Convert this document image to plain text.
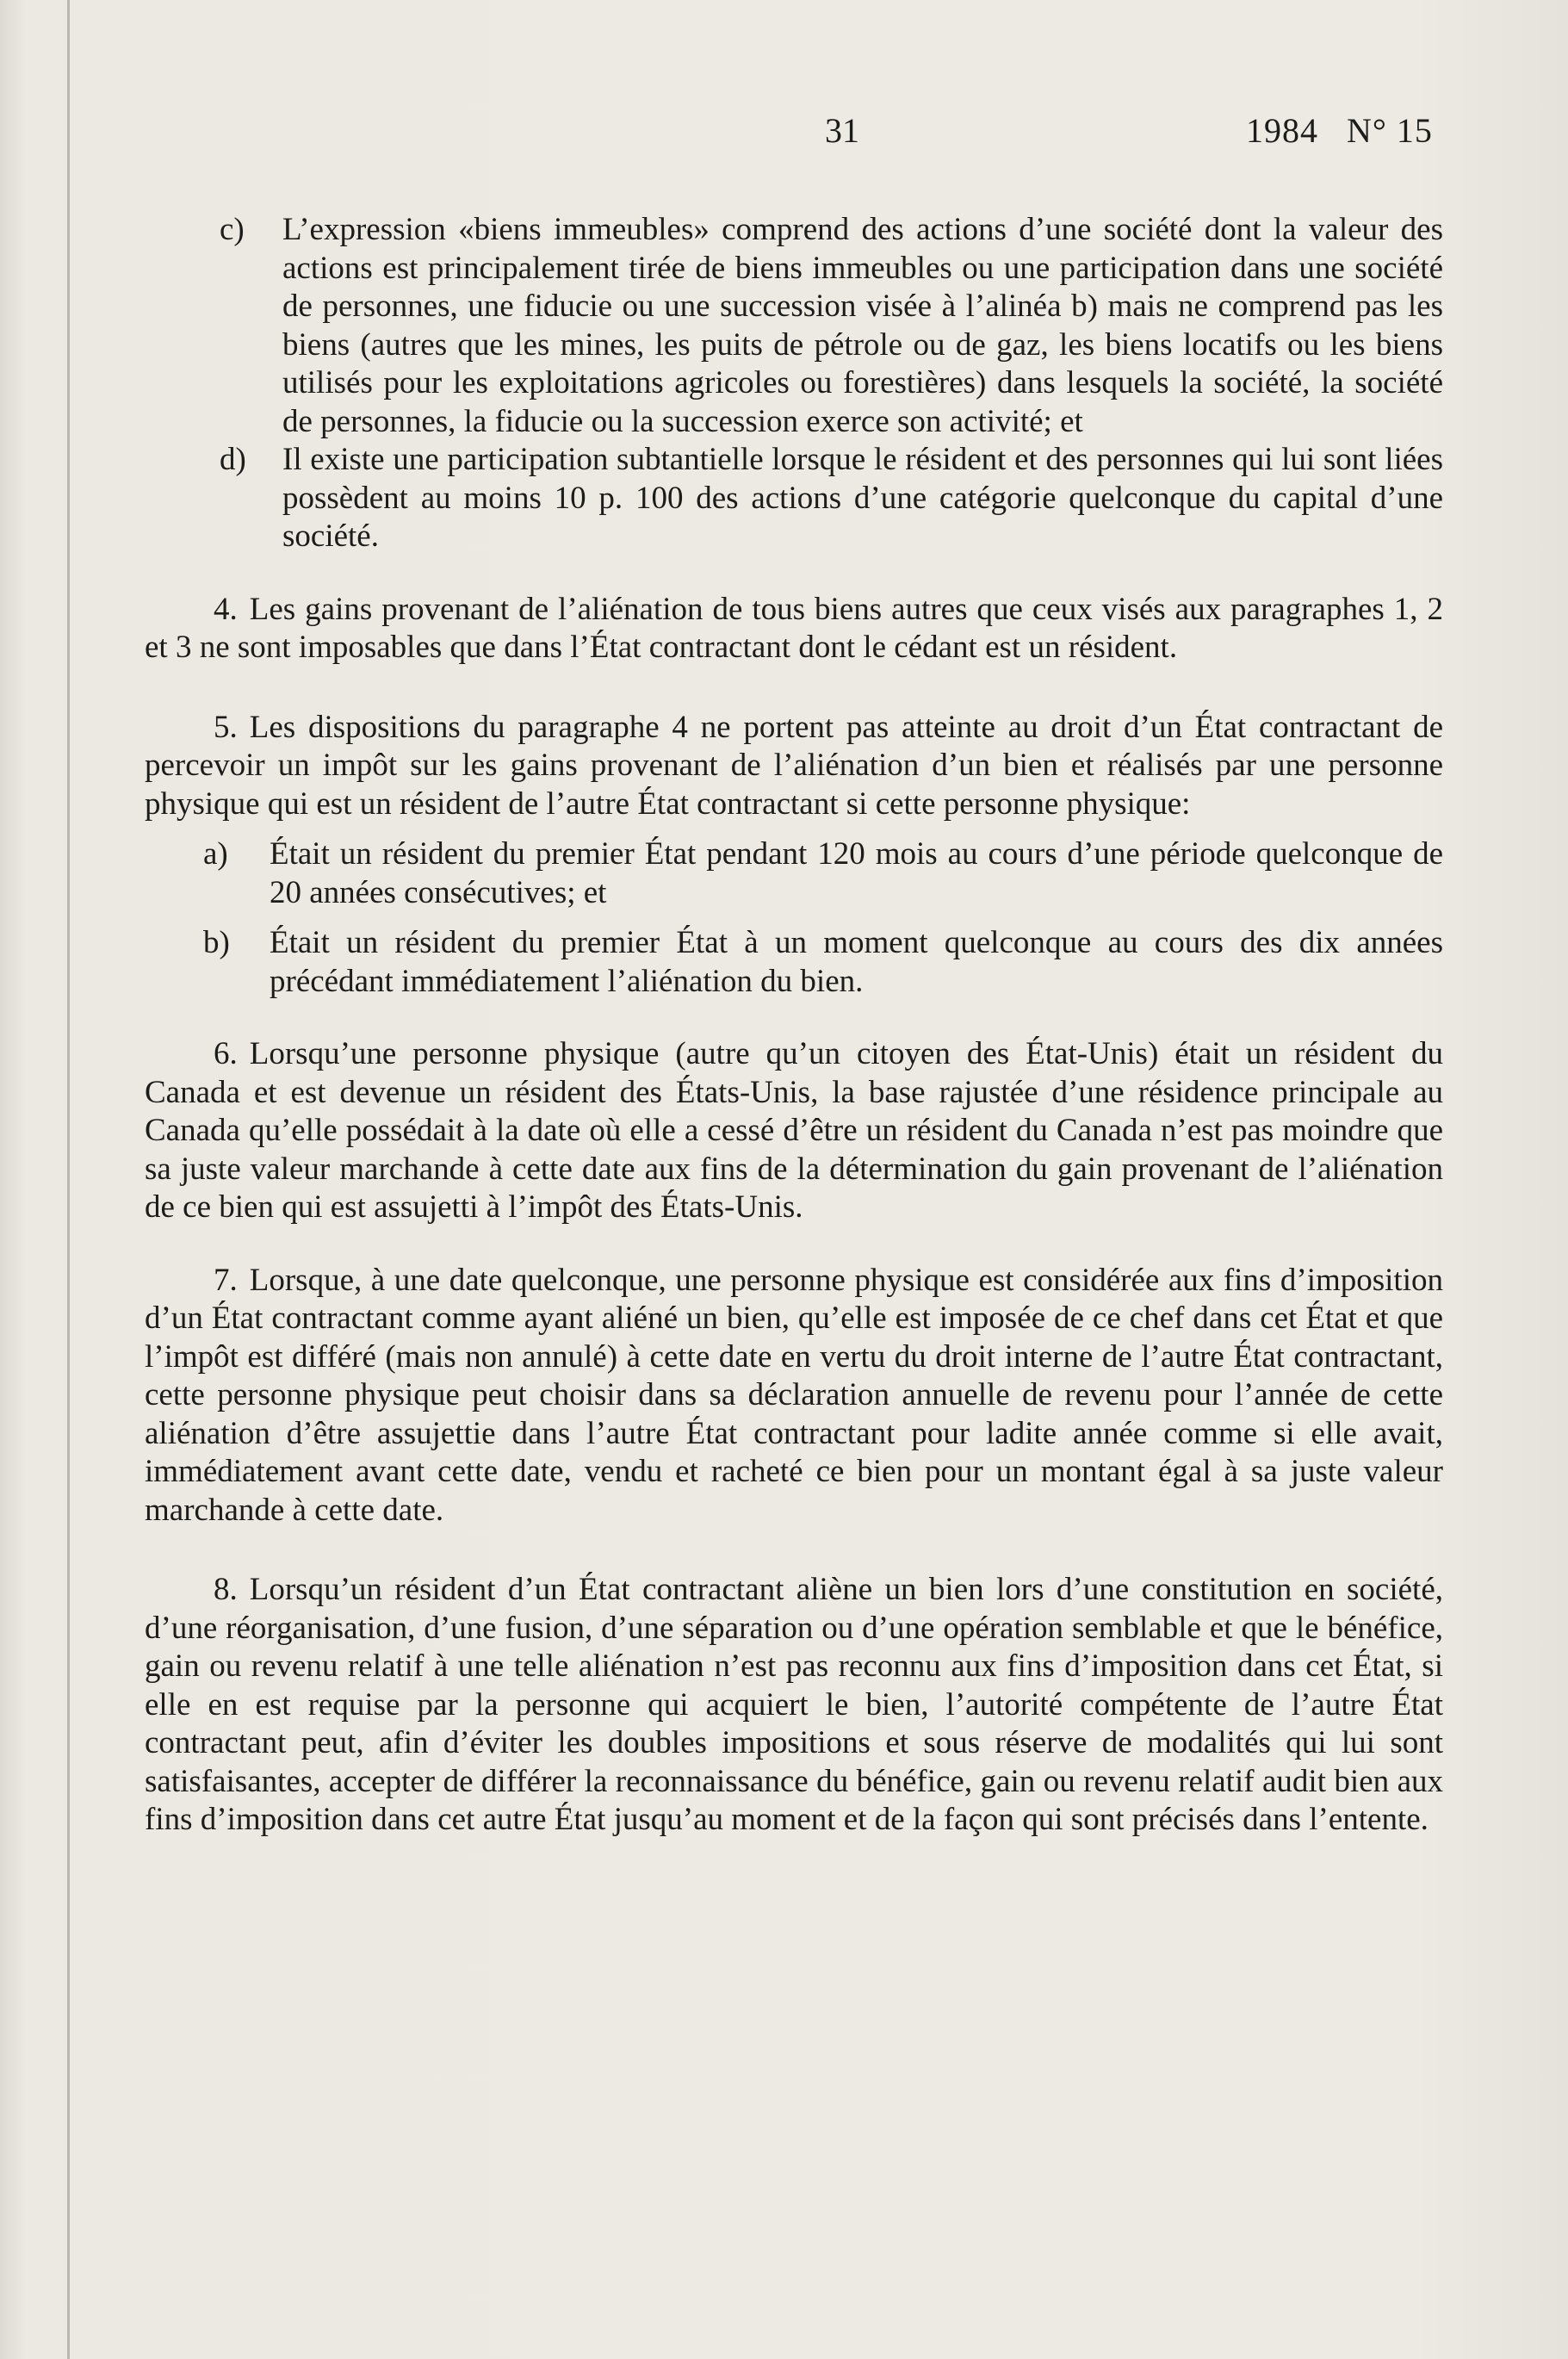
31	1984   N° 15
c) L’expression «biens immeubles» comprend des actions d’une société dont la valeur des actions est principalement tirée de biens immeubles ou une participation dans une société de personnes, une fiducie ou une succession visée à l’alinéa b) mais ne comprend pas les biens (autres que les mines, les puits de pétrole ou de gaz, les biens locatifs ou les biens utilisés pour les exploitations agricoles ou forestières) dans lesquels la société, la société de personnes, la fiducie ou la succession exerce son activité; et

d) Il existe une participation subtantielle lorsque le résident et des personnes qui lui sont liées possèdent au moins 10 p. 100 des actions d’une catégorie quelconque du capital d’une société.

4. Les gains provenant de l’aliénation de tous biens autres que ceux visés aux paragraphes 1, 2 et 3 ne sont imposables que dans l’État contractant dont le cédant est un résident.

5. Les dispositions du paragraphe 4 ne portent pas atteinte au droit d’un État contractant de percevoir un impôt sur les gains provenant de l’aliénation d’un bien et réalisés par une personne physique qui est un résident de l’autre État contractant si cette personne physique:

a) Était un résident du premier État pendant 120 mois au cours d’une période quelconque de 20 années consécutives; et

b) Était un résident du premier État à un moment quelconque au cours des dix années précédant immédiatement l’aliénation du bien.

6. Lorsqu’une personne physique (autre qu’un citoyen des État-Unis) était un résident du Canada et est devenue un résident des États-Unis, la base rajustée d’une résidence principale au Canada qu’elle possédait à la date où elle a cessé d’être un résident du Canada n’est pas moindre que sa juste valeur marchande à cette date aux fins de la détermination du gain provenant de l’aliénation de ce bien qui est assujetti à l’impôt des États-Unis.

7. Lorsque, à une date quelconque, une personne physique est considérée aux fins d’imposition d’un État contractant comme ayant aliéné un bien, qu’elle est imposée de ce chef dans cet État et que l’impôt est différé (mais non annulé) à cette date en vertu du droit interne de l’autre État contractant, cette personne physique peut choisir dans sa déclaration annuelle de revenu pour l’année de cette aliénation d’être assujettie dans l’autre État contractant pour ladite année comme si elle avait, immédiatement avant cette date, vendu et racheté ce bien pour un montant égal à sa juste valeur marchande à cette date.

8. Lorsqu’un résident d’un État contractant aliène un bien lors d’une constitution en société, d’une réorganisation, d’une fusion, d’une séparation ou d’une opération semblable et que le bénéfice, gain ou revenu relatif à une telle aliénation n’est pas reconnu aux fins d’imposition dans cet État, si elle en est requise par la personne qui acquiert le bien, l’autorité compétente de l’autre État contractant peut, afin d’éviter les doubles impositions et sous réserve de modalités qui lui sont satisfaisantes, accepter de différer la reconnaissance du bénéfice, gain ou revenu relatif audit bien aux fins d’imposition dans cet autre État jusqu’au moment et de la façon qui sont précisés dans l’entente.
